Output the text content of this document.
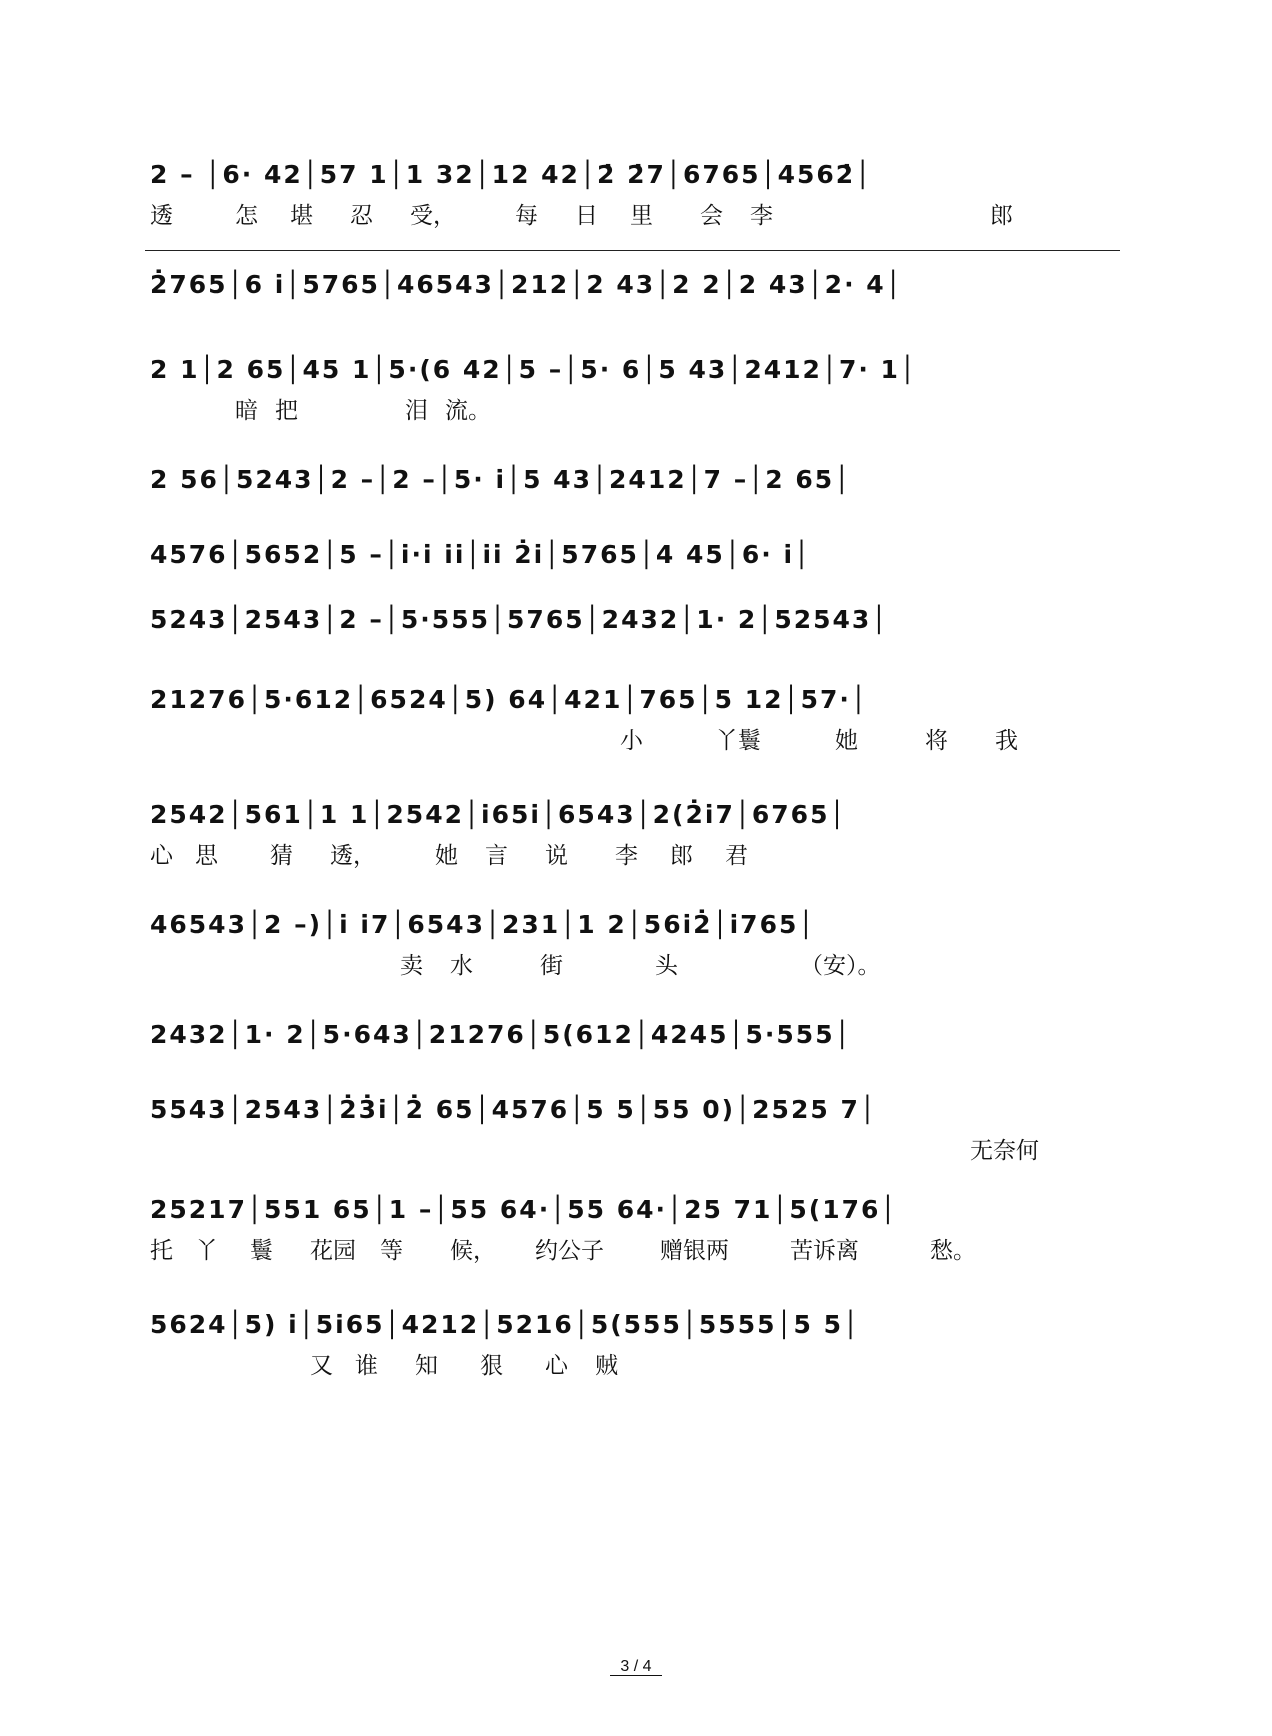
2 – │6· 42│57 1│1 32│12 42│2̇ 2̇7│6765│4562̇│
透	怎 堪 忍 受，	每 日 里 会 李	郎
2̇765│6 i̇│5765│46543│212│2 43│2 2│2 43│2· 4│
2 1│2 65│45 1│5·(6 42│5 –│5· 6│5 43│2412│7· 1│
暗 把	泪 流。
2 56│5243│2 –│2 –│5· i̇│5 43│2412│7 –│2 65│
4576│5652│5 –│i̇·i̇ i̇i̇│i̇i̇ 2̇i̇│5765│4 45│6· i̇│
5243│2543│2 –│5·555│5765│2432│1· 2│52543│
21276│5·612│6524│5) 64│421│765│5 12│57·│
小	丫鬟	她	将 我
2542│561│1 1│2542│i̇65i̇│6543│2(2̇i̇7│6765│
心 思 猜 透，	她 言 说 李 郎 君
46543│2 –)│i̇ i̇7│6543│231│1 2│56i̇2̇│i̇765│
卖 水	街	头	（安）。
2432│1· 2│5·643│21276│5(612│4245│5·555│
5543│2543│2̇3̇i̇│2̇ 65│4576│5 5│55 0)│2525 7│
无奈何
25217│551 65│1 –│55 64·│55 64·│25 71│5(176│
托 丫 鬟 花园 等 候， 约公子 赠银两	苦诉离	愁。
5624│5) i̇│5i̇65│4212│5216│5(555│5555│5 5│
又 谁 知 狠 心 贼
3 / 4
